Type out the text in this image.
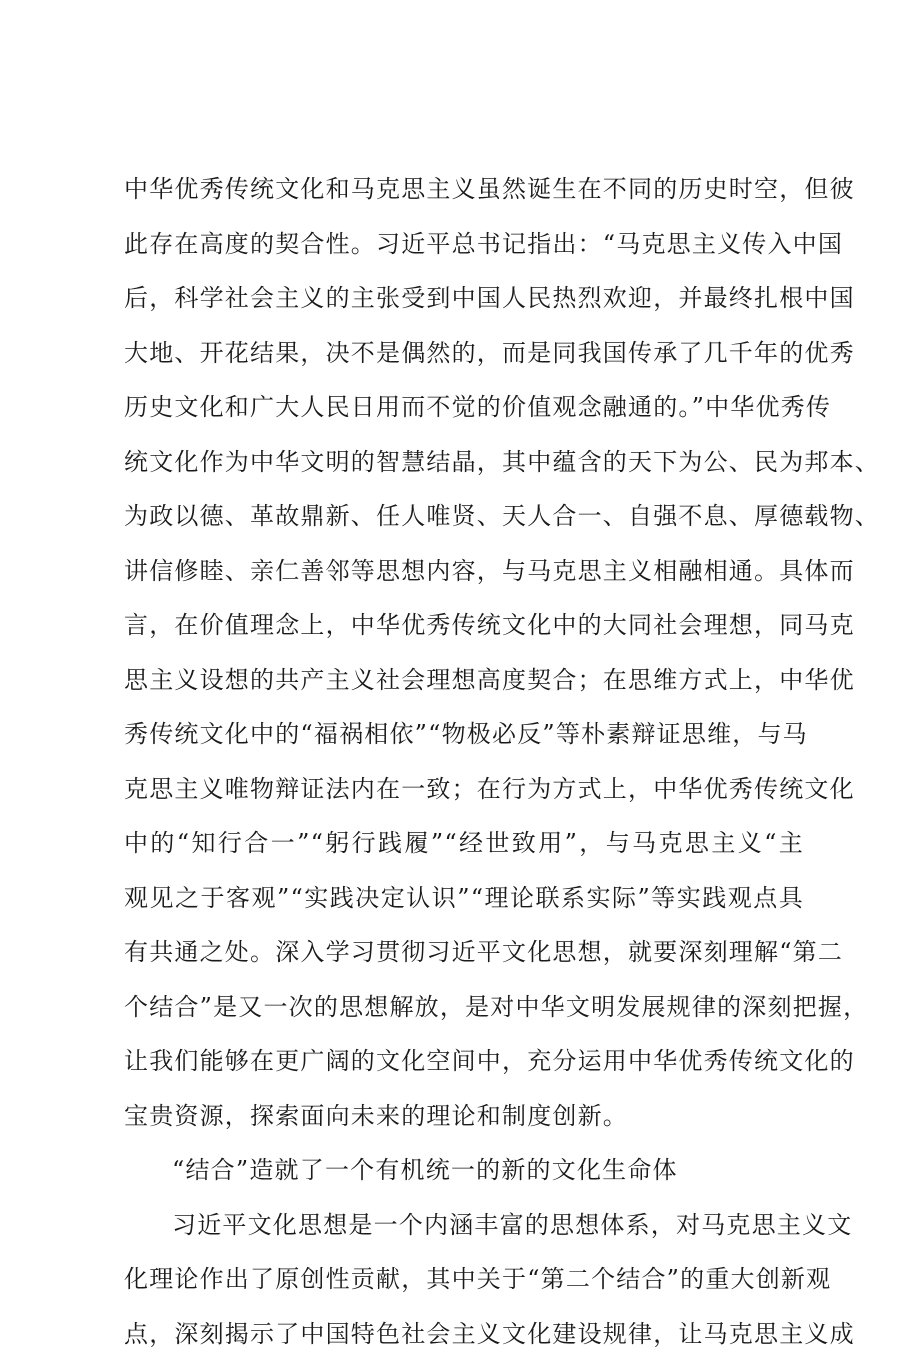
中华优秀传统文化和马克思主义虽然诞生在不同的历史时空，但彼
此存在高度的契合性。习近平总书记指出：“马克思主义传入中国
后，科学社会主义的主张受到中国人民热烈欢迎，并最终扎根中国
大地、开花结果，决不是偶然的，而是同我国传承了几千年的优秀
历史文化和广大人民日用而不觉的价值观念融通的。”中华优秀传
统文化作为中华文明的智慧结晶，其中蕴含的天下为公、民为邦本、
为政以德、革故鼎新、任人唯贤、天人合一、自强不息、厚德载物、
讲信修睦、亲仁善邻等思想内容，与马克思主义相融相通。具体而
言，在价值理念上，中华优秀传统文化中的大同社会理想，同马克
思主义设想的共产主义社会理想高度契合；在思维方式上，中华优
秀传统文化中的“福祸相依”“物极必反”等朴素辩证思维，与马
克思主义唯物辩证法内在一致；在行为方式上，中华优秀传统文化
中的“知行合一”“躬行践履”“经世致用”，与马克思主义“主
观见之于客观”“实践决定认识”“理论联系实际”等实践观点具
有共通之处。深入学习贯彻习近平文化思想，就要深刻理解“第二
个结合”是又一次的思想解放，是对中华文明发展规律的深刻把握，
让我们能够在更广阔的文化空间中，充分运用中华优秀传统文化的
宝贵资源，探索面向未来的理论和制度创新。
“结合”造就了一个有机统一的新的文化生命体
习近平文化思想是一个内涵丰富的思想体系，对马克思主义文
化理论作出了原创性贡献，其中关于“第二个结合”的重大创新观
点，深刻揭示了中国特色社会主义文化建设规律，让马克思主义成
